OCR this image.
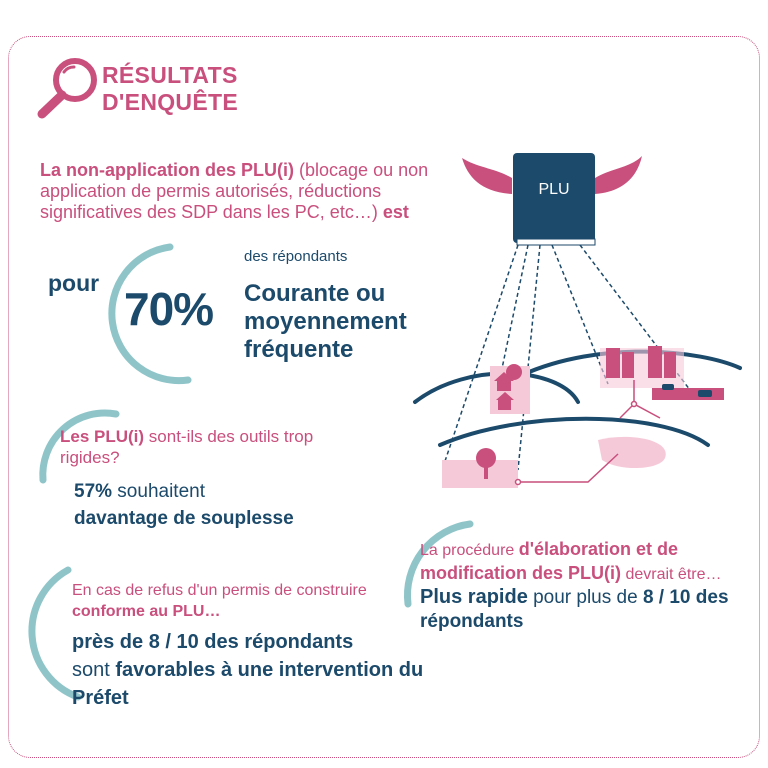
PLU
RÉSULTATS
D'ENQUÊTE
La non-application des PLU(i) (blocage ou non application de permis autorisés, réductions significatives des SDP dans les PC, etc…) est
pour 70%
des répondants
Courante ou moyennement fréquente
Les PLU(i) sont-ils des outils trop rigides?
57% souhaitent
davantage de souplesse
En cas de refus d'un permis de construire conforme au PLU…
près de 8 / 10 des répondants
sont favorables à une intervention du Préfet
La procédure d'élaboration et de modification des PLU(i) devrait être… Plus rapide pour plus de 8 / 10 des répondants
